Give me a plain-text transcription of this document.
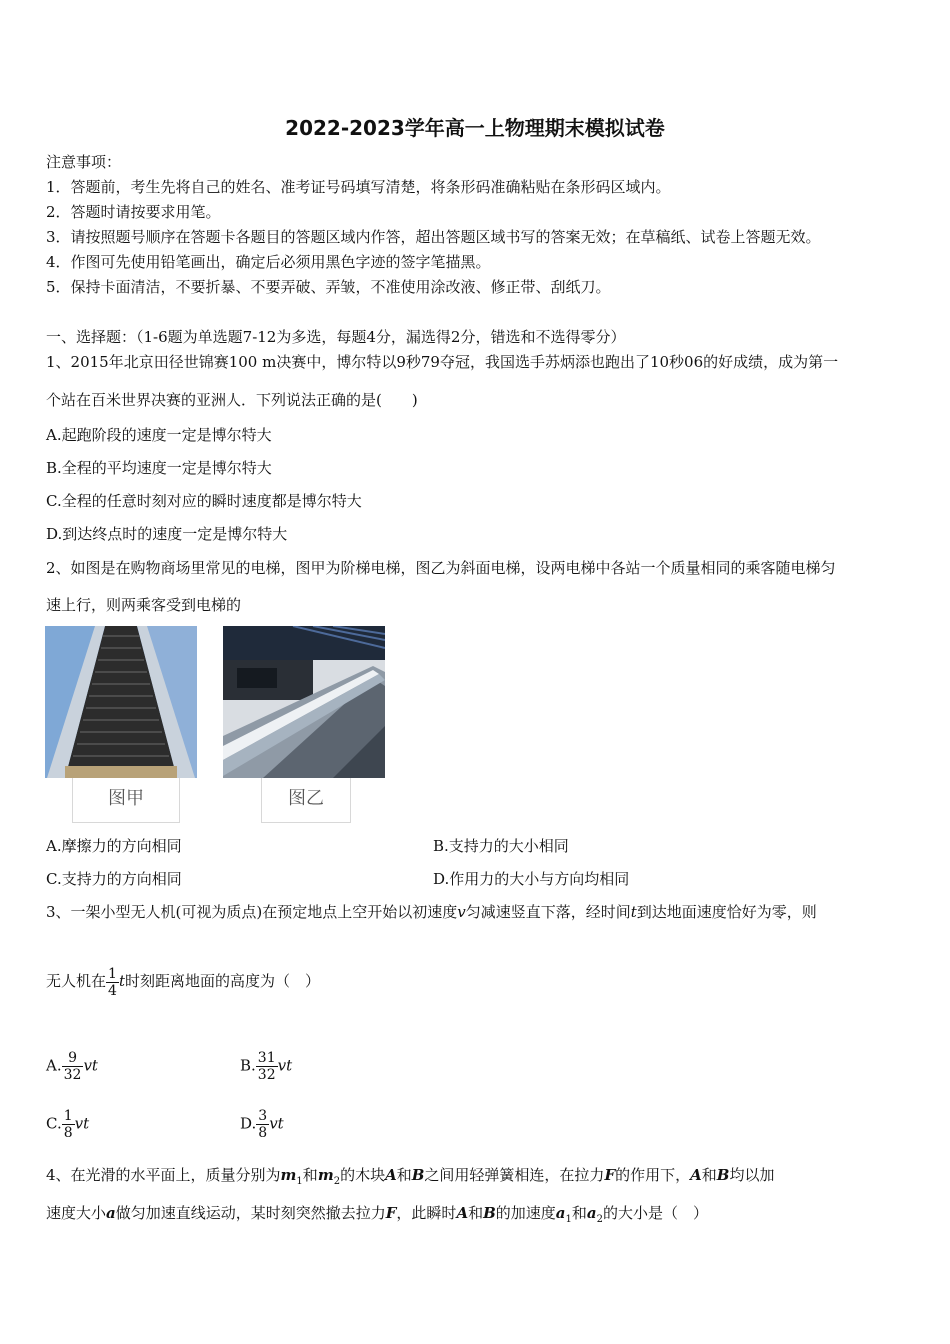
2022-2023学年高一上物理期末模拟试卷
注意事项：
1．答题前，考生先将自己的姓名、准考证号码填写清楚，将条形码准确粘贴在条形码区域内。
2．答题时请按要求用笔。
3．请按照题号顺序在答题卡各题目的答题区域内作答，超出答题区域书写的答案无效；在草稿纸、试卷上答题无效。
4．作图可先使用铅笔画出，确定后必须用黑色字迹的签字笔描黑。
5．保持卡面清洁，不要折暴、不要弄破、弄皱，不准使用涂改液、修正带、刮纸刀。
一、选择题：（1-6题为单选题7-12为多选，每题4分，漏选得2分，错选和不选得零分）
1、2015年北京田径世锦赛100 m决赛中，博尔特以9秒79夺冠，我国选手苏炳添也跑出了10秒06的好成绩，成为第一
个站在百米世界决赛的亚洲人．下列说法正确的是(　　)
A.起跑阶段的速度一定是博尔特大
B.全程的平均速度一定是博尔特大
C.全程的任意时刻对应的瞬时速度都是博尔特大
D.到达终点时的速度一定是博尔特大
2、如图是在购物商场里常见的电梯，图甲为阶梯电梯，图乙为斜面电梯，设两电梯中各站一个质量相同的乘客随电梯匀
速上行，则两乘客受到电梯的
图甲	图乙
A.摩擦力的方向相同	B.支持力的大小相同
C.支持力的方向相同	D.作用力的大小与方向均相同
3、一架小型无人机(可视为质点)在预定地点上空开始以初速度v匀减速竖直下落，经时间t到达地面速度恰好为零，则
无人机在 $\frac{1}{4}$ t时刻距离地面的高度为（　）
A. $\frac{9}{32}$ vt	B. $\frac{31}{32}$ vt
C. $\frac{1}{8}$ vt	D. $\frac{3}{8}$ vt
4、在光滑的水平面上，质量分别为$m_1$和$m_2$的木块A和B之间用轻弹簧相连，在拉力F的作用下，A和B均以加
速度大小a做匀加速直线运动，某时刻突然撤去拉力F，此瞬时A和B的加速度$a_1$和$a_2$的大小是（　）
